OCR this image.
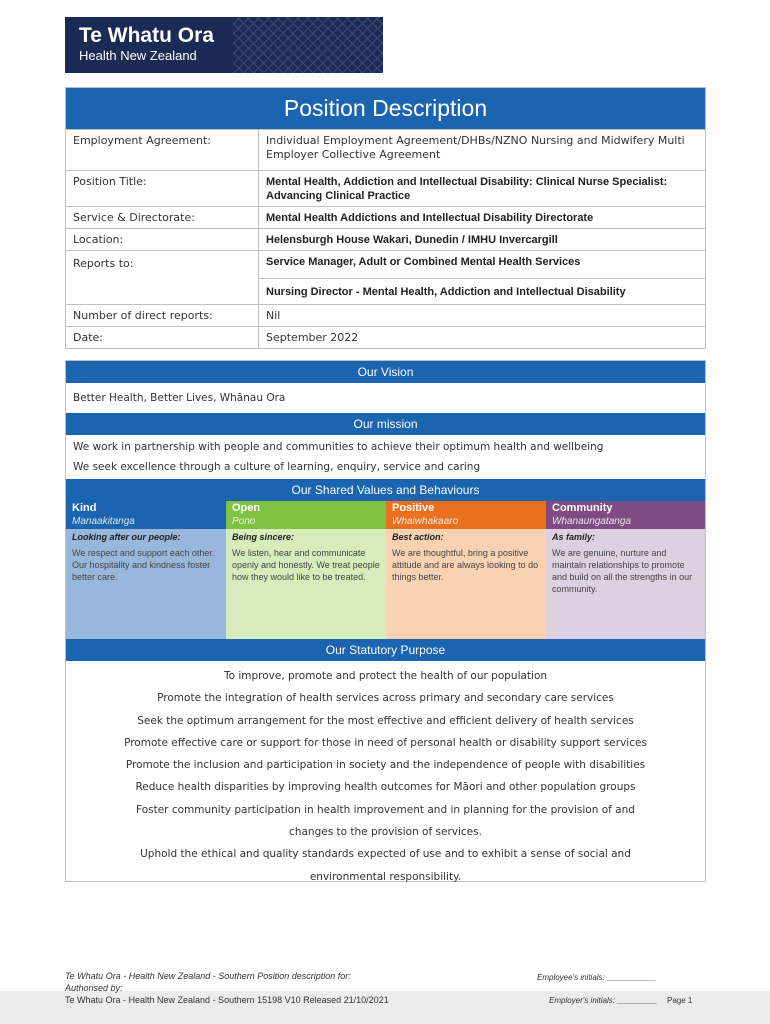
Te Whatu Ora
Health New Zealand
Position Description
Employment Agreement:	Individual Employment Agreement/DHBs/NZNO Nursing and Midwifery Multi Employer Collective Agreement
Position Title:	Mental Health, Addiction and Intellectual Disability: Clinical Nurse Specialist: Advancing Clinical Practice
Service & Directorate:	Mental Health Addictions and Intellectual Disability Directorate
Location:	Helensburgh House Wakari, Dunedin / IMHU Invercargill
Reports to:	Service Manager, Adult or Combined Mental Health Services
Nursing Director - Mental Health, Addiction and Intellectual Disability
Number of direct reports:	Nil
Date:	September 2022
Our Vision
Better Health, Better Lives, Whānau Ora
Our mission
We work in partnership with people and communities to achieve their optimum health and wellbeing
We seek excellence through a culture of learning, enquiry, service and caring
Our Shared Values and Behaviours
Kind
Manaakitanga
Looking after our people:
We respect and support each other. Our hospitality and kindness foster better care.
Open
Pono
Being sincere:
We listen, hear and communicate openly and honestly. We treat people how they would like to be treated.
Positive
Whaiwhakaaro
Best action:
We are thoughtful, bring a positive attitude and are always looking to do things better.
Community
Whanaungatanga
As family:
We are genuine, nurture and maintain relationships to promote and build on all the strengths in our community.
Our Statutory Purpose
To improve, promote and protect the health of our population
Promote the integration of health services across primary and secondary care services
Seek the optimum arrangement for the most effective and efficient delivery of health services
Promote effective care or support for those in need of personal health or disability support services
Promote the inclusion and participation in society and the independence of people with disabilities
Reduce health disparities by improving health outcomes for Māori and other population groups
Foster community participation in health improvement and in planning for the provision of and
changes to the provision of services.
Uphold the ethical and quality standards expected of use and to exhibit a sense of social and
environmental responsibility.
Te Whatu Ora - Health New Zealand - Southern Position description for:
Authorised by:
Te Whatu Ora - Health New Zealand - Southern 15198 V10 Released 21/10/2021
Employee's initials: ___________
Employer's initials: _________ Page 1
